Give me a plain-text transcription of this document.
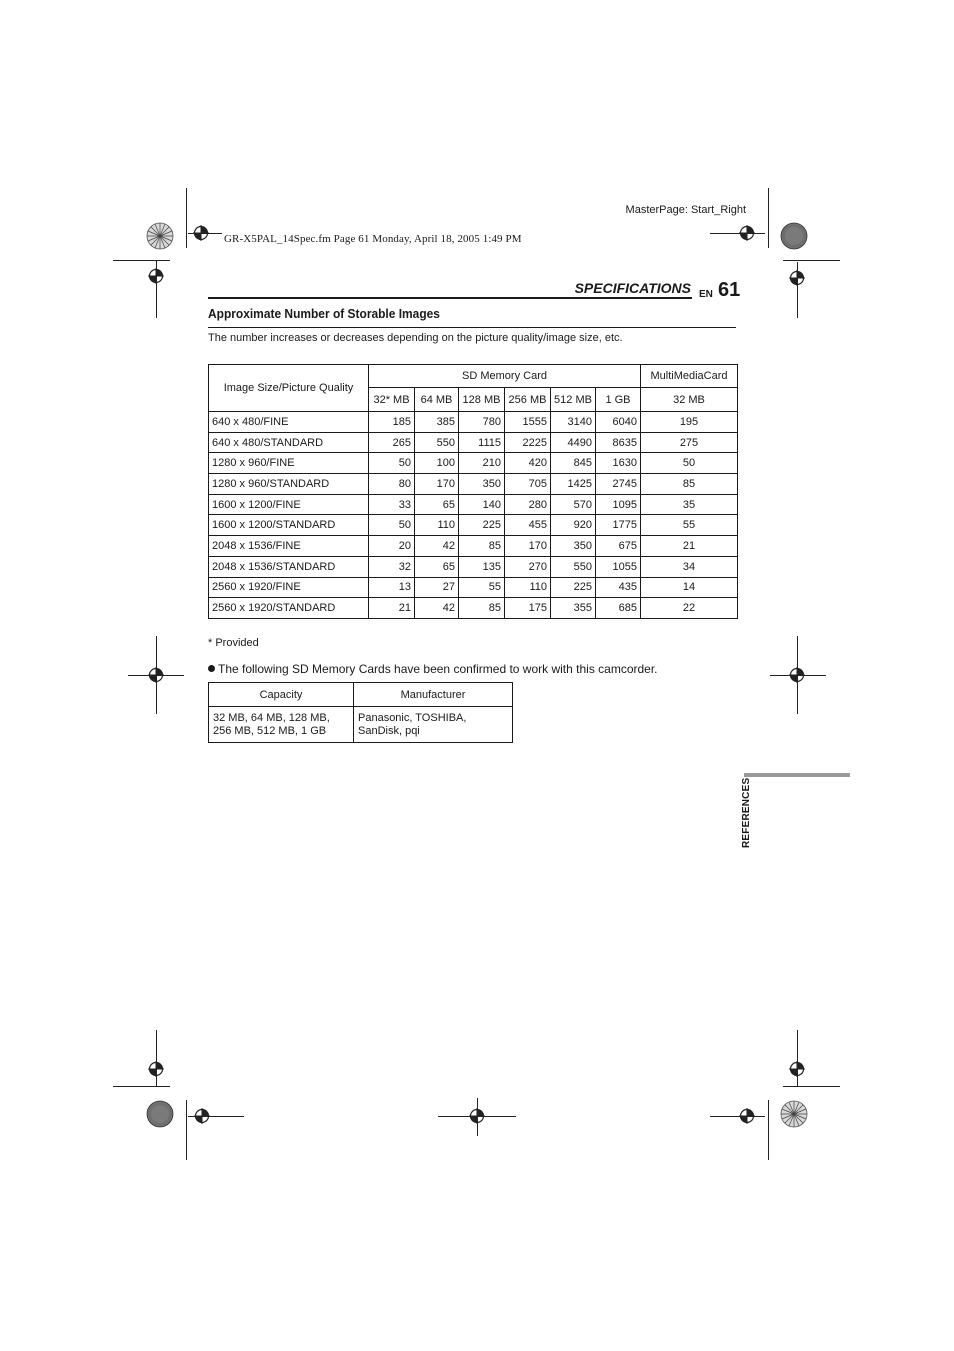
MasterPage: Start_Right
GR-X5PAL_14Spec.fm Page 61 Monday, April 18, 2005 1:49 PM
SPECIFICATIONS EN 61
Approximate Number of Storable Images
The number increases or decreases depending on the picture quality/image size, etc.
Image Size/Picture Quality	SD Memory Card						MultiMediaCard
	32* MB	64 MB	128 MB	256 MB	512 MB	1 GB	32 MB
640 x 480/FINE	185	385	780	1555	3140	6040	195
640 x 480/STANDARD	265	550	1115	2225	4490	8635	275
1280 x 960/FINE	50	100	210	420	845	1630	50
1280 x 960/STANDARD	80	170	350	705	1425	2745	85
1600 x 1200/FINE	33	65	140	280	570	1095	35
1600 x 1200/STANDARD	50	110	225	455	920	1775	55
2048 x 1536/FINE	20	42	85	170	350	675	21
2048 x 1536/STANDARD	32	65	135	270	550	1055	34
2560 x 1920/FINE	13	27	55	110	225	435	14
2560 x 1920/STANDARD	21	42	85	175	355	685	22
* Provided
The following SD Memory Cards have been confirmed to work with this camcorder.
Capacity	Manufacturer
32 MB, 64 MB, 128 MB,
256 MB, 512 MB, 1 GB	Panasonic, TOSHIBA,
SanDisk, pqi
REFERENCES
